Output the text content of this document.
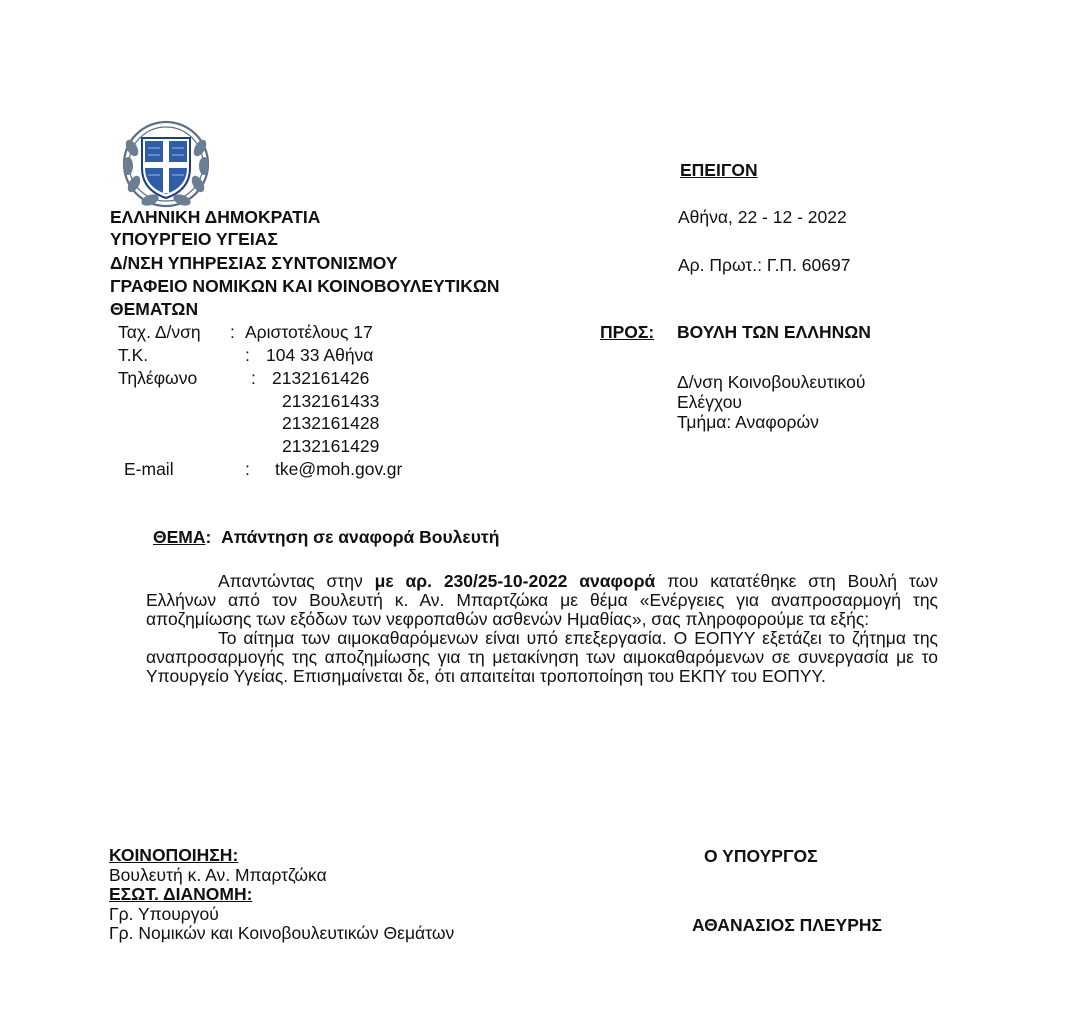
ΕΠΕΙΓΟΝ
ΕΛΛΗΝΙΚΗ ΔΗΜΟΚΡΑΤΙΑ
ΥΠΟΥΡΓΕΙΟ ΥΓΕΙΑΣ
Δ/ΝΣΗ ΥΠΗΡΕΣΙΑΣ ΣΥΝΤΟΝΙΣΜΟΥ
ΓΡΑΦΕΙΟ ΝΟΜΙΚΩΝ ΚΑΙ ΚΟΙΝΟΒΟΥΛΕΥΤΙΚΩΝ
ΘΕΜΑΤΩΝ
Αθήνα, 22 - 12 - 2022
Αρ. Πρωτ.: Γ.Π. 60697
Ταχ. Δ/νση : Αριστοτέλους 17
Τ.Κ.	: 104 33 Αθήνα
Τηλέφωνο	: 2132161426
2132161433
2132161428
2132161429
E-mail	: tke@moh.gov.gr
ΠΡΟΣ: ΒΟΥΛΗ ΤΩΝ ΕΛΛΗΝΩΝ
Δ/νση Κοινοβουλευτικού
Ελέγχου
Τμήμα: Αναφορών
ΘΕΜΑ: Απάντηση σε αναφορά Βουλευτή

Απαντώντας στην με αρ. 230/25-10-2022 αναφορά που κατατέθηκε στη Βουλή των Ελλήνων από τον Βουλευτή κ. Αν. Μπαρτζώκα με θέμα «Ενέργειες για αναπροσαρμογή της αποζημίωσης των εξόδων των νεφροπαθών ασθενών Ημαθίας», σας πληροφορούμε τα εξής:

Το αίτημα των αιμοκαθαρόμενων είναι υπό επεξεργασία. Ο ΕΟΠΥΥ εξετάζει το ζήτημα της αναπροσαρμογής της αποζημίωσης για τη μετακίνηση των αιμοκαθαρόμενων σε συνεργασία με το Υπουργείο Υγείας. Επισημαίνεται δε, ότι απαιτείται τροποποίηση του ΕΚΠΥ του ΕΟΠΥΥ.

ΚΟΙΝΟΠΟΙΗΣΗ:
Βουλευτή κ. Αν. Μπαρτζώκα
ΕΣΩΤ. ΔΙΑΝΟΜΗ:
Γρ. Υπουργού
Γρ. Νομικών και Κοινοβουλευτικών Θεμάτων
Ο ΥΠΟΥΡΓΟΣ
ΑΘΑΝΑΣΙΟΣ ΠΛΕΥΡΗΣ
